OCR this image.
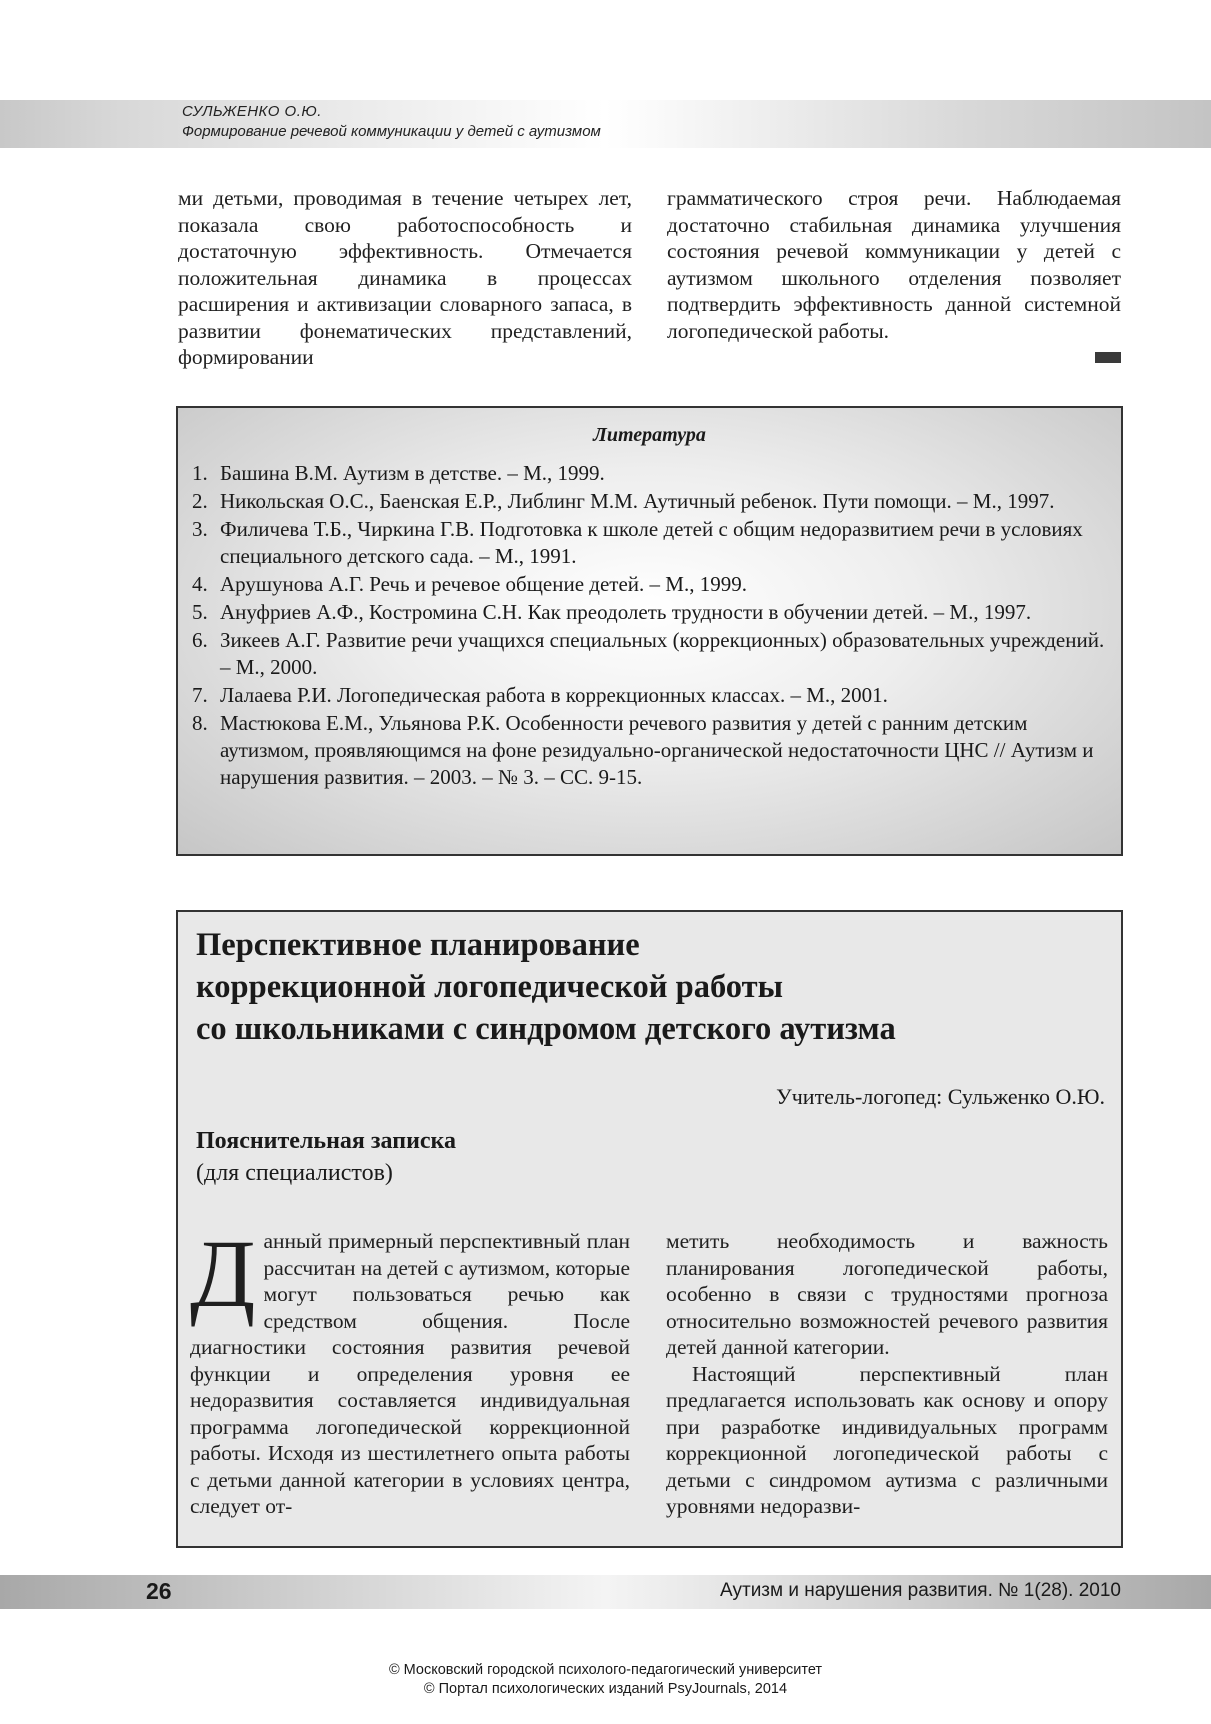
СУЛЬЖЕНКО О.Ю.
Формирование речевой коммуникации у детей с аутизмом

ми детьми, проводимая в течение четырех лет, показала свою работоспособность и достаточную эффективность. Отмечается положительная динамика в процессах расширения и активизации словарного запаса, в развитии фонематических представлений, формировании

грамматического строя речи. Наблюдаемая достаточно стабильная динамика улучшения состояния речевой коммуникации у детей с аутизмом школьного отделения позволяет подтвердить эффективность данной системной логопедической работы.

Литература
1. Башина В.М. Аутизм в детстве. – М., 1999.
2. Никольская О.С., Баенская Е.Р., Либлинг М.М. Аутичный ребенок. Пути помощи. – М., 1997.
3. Филичева Т.Б., Чиркина Г.В. Подготовка к школе детей с общим недоразвитием речи в условиях специального детского сада. – М., 1991.
4. Арушунова А.Г. Речь и речевое общение детей. – М., 1999.
5. Ануфриев А.Ф., Костромина С.Н. Как преодолеть трудности в обучении детей. – М., 1997.
6. Зикеев А.Г. Развитие речи учащихся специальных (коррекционных) образовательных учреждений. – М., 2000.
7. Лалаева Р.И. Логопедическая работа в коррекционных классах. – М., 2001.
8. Мастюкова Е.М., Ульянова Р.К. Особенности речевого развития у детей с ранним детским аутизмом, проявляющимся на фоне резидуально-органической недостаточности ЦНС // Аутизм и нарушения развития. – 2003. – № 3. – СС. 9-15.
Перспективное планирование
коррекционной логопедической работы
со школьниками с синдромом детского аутизма
Учитель-логопед: Сульженко О.Ю.
Пояснительная записка
(для специалистов)

Данный примерный перспективный план рассчитан на детей с аутизмом, которые могут пользоваться речью как средством общения. После диагностики состояния развития речевой функции и определения уровня ее недоразвития составляется индивидуальная программа логопедической коррекционной работы. Исходя из шестилетнего опыта работы с детьми данной категории в условиях центра, следует от-

метить необходимость и важность планирования логопедической работы, особенно в связи с трудностями прогноза относительно возможностей речевого развития детей данной категории.

Настоящий перспективный план предлагается использовать как основу и опору при разработке индивидуальных программ коррекционной логопедической работы с детьми с синдромом аутизма с различными уровнями недоразви-

26	Аутизм и нарушения развития. № 1(28). 2010
© Московский городской психолого-педагогический университет
© Портал психологических изданий PsyJournals, 2014
